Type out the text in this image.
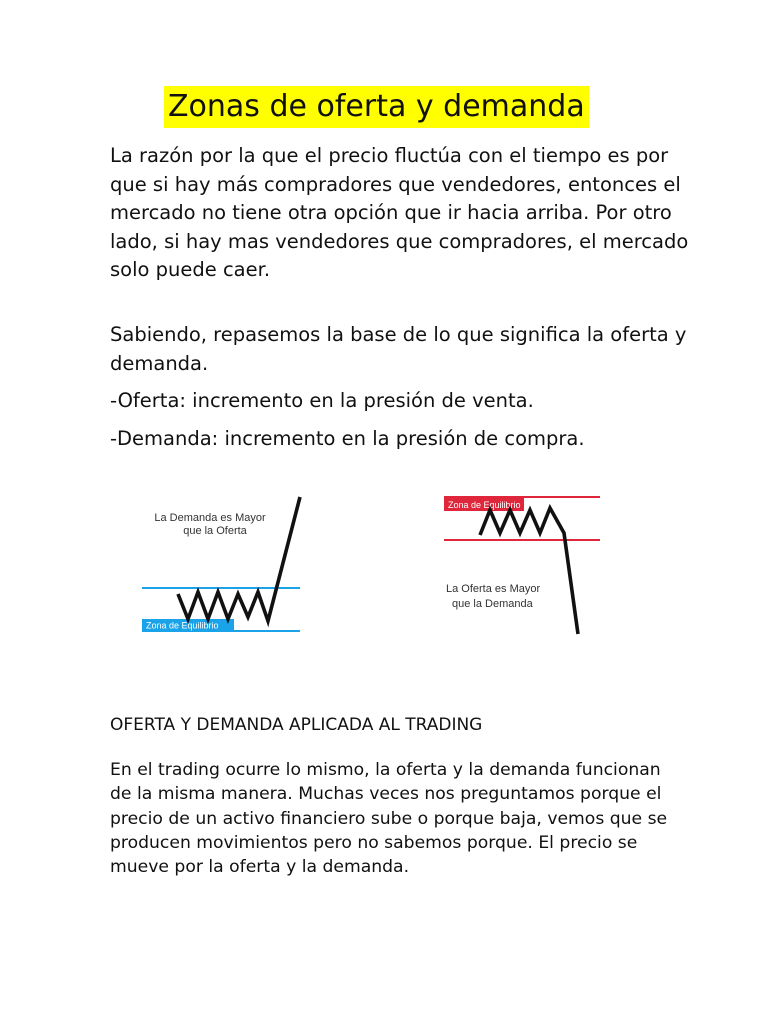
Zonas de oferta y demanda

La razón por la que el precio fluctúa con el tiempo es por que si hay más compradores que vendedores, entonces el mercado no tiene otra opción que ir hacia arriba. Por otro lado, si hay mas vendedores que compradores, el mercado solo puede caer.

Sabiendo, repasemos la base de lo que significa la oferta y demanda.

-Oferta: incremento en la presión de venta.

-Demanda: incremento en la presión de compra.

La Demanda es Mayor
que la Oferta
Zona de Equilibrio
Zona de Equilibrio
La Oferta es Mayor
que la Demanda

OFERTA Y DEMANDA APLICADA AL TRADING

En el trading ocurre lo mismo, la oferta y la demanda funcionan de la misma manera. Muchas veces nos preguntamos porque el precio de un activo financiero sube o porque baja, vemos que se producen movimientos pero no sabemos porque. El precio se mueve por la oferta y la demanda.
